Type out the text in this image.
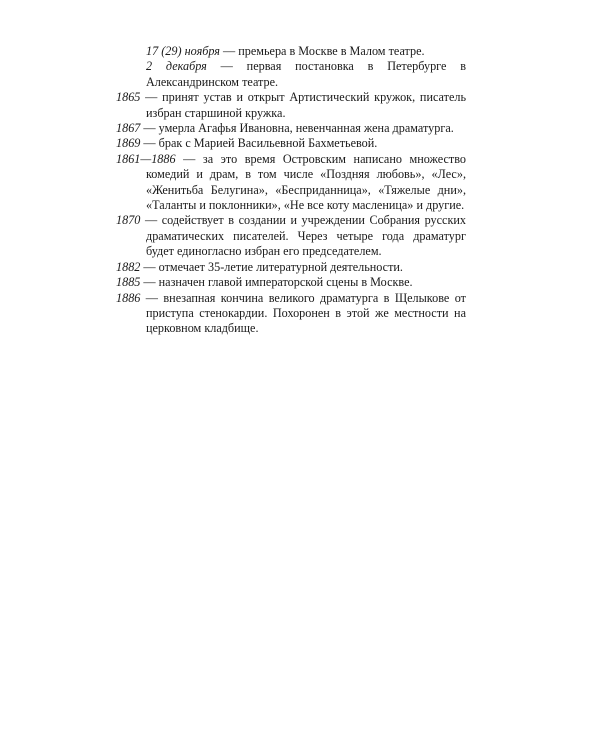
17 (29) ноября — премьера в Москве в Малом театре.

2 декабря — первая постановка в Петербурге в Александринском театре.

1865 — принят устав и открыт Артистический кружок, писатель избран старшиной кружка.

1867 — умерла Агафья Ивановна, невенчанная жена драматурга.

1869 — брак с Марией Васильевной Бахметьевой.

1861—1886 — за это время Островским написано множество комедий и драм, в том числе «Поздняя любовь», «Лес», «Женитьба Белугина», «Бесприданница», «Тяжелые дни», «Таланты и поклонники», «Не все коту масленица» и другие.

1870 — содействует в создании и учреждении Собрания русских драматических писателей. Через четыре года драматург будет единогласно избран его председателем.

1882 — отмечает 35-летие литературной деятельности.

1885 — назначен главой императорской сцены в Москве.

1886 — внезапная кончина великого драматурга в Щелыкове от приступа стенокардии. Похоронен в этой же местности на церковном кладбище.
